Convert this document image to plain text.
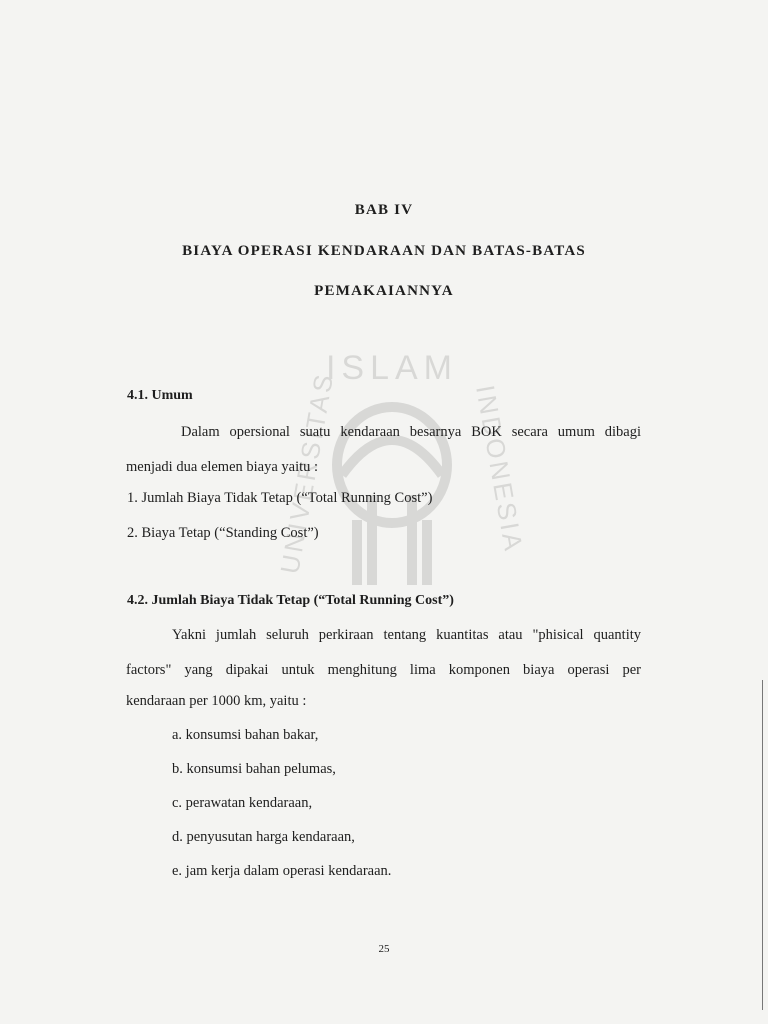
ISLAM
UNIVERSITAS	INDONESIA
BAB IV
BIAYA OPERASI KENDARAAN DAN BATAS-BATAS
PEMAKAIANNYA
4.1. Umum
Dalam opersional suatu kendaraan besarnya BOK secara umum dibagi
menjadi dua elemen biaya yaitu :
1. Jumlah Biaya Tidak Tetap (“Total Running Cost”)
2. Biaya Tetap (“Standing Cost”)
4.2. Jumlah Biaya Tidak Tetap (“Total Running Cost”)
Yakni jumlah seluruh perkiraan tentang kuantitas atau "phisical quantity
factors" yang dipakai untuk menghitung lima komponen biaya operasi per
kendaraan per 1000 km, yaitu :
a. konsumsi bahan bakar,
b. konsumsi bahan pelumas,
c. perawatan kendaraan,
d. penyusutan harga kendaraan,
e. jam kerja dalam operasi kendaraan.
25
